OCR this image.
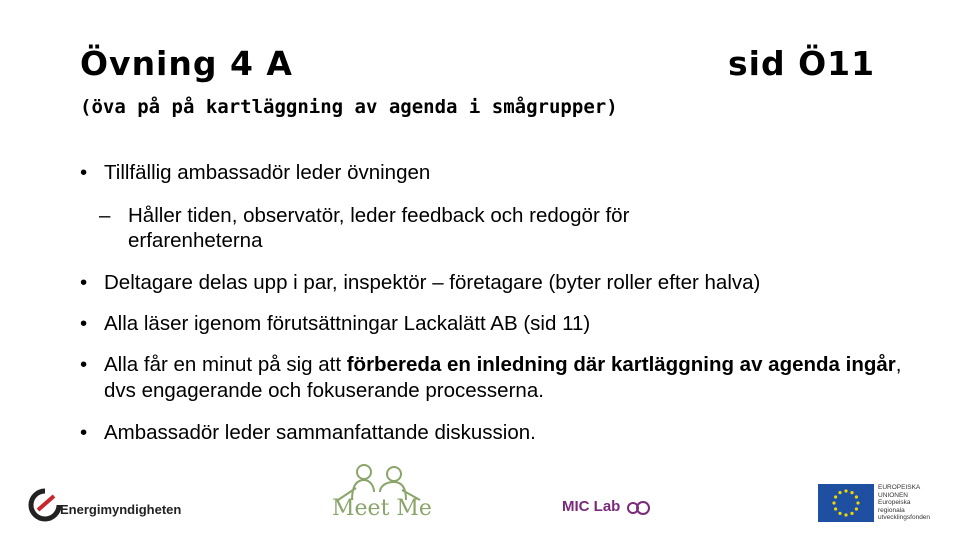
Övning 4 A	sid Ö11
(öva på på kartläggning av agenda i smågrupper)
• Tillfällig ambassadör leder övningen
– Håller tiden, observatör, leder feedback och redogör för
erfarenheterna
• Deltagare delas upp i par, inspektör – företagare (byter roller efter halva)
• Alla läser igenom förutsättningar Lackalätt AB (sid 11)
• Alla får en minut på sig att förbereda en inledning där kartläggning av agenda ingår, dvs engagerande och fokuserande processerna.
• Ambassadör leder sammanfattande diskussion.
Energimyndigheten	Meet Me	MIC Lab
EUROPEISKA
UNIONEN
Europeiska
regionala
utvecklingsfonden
